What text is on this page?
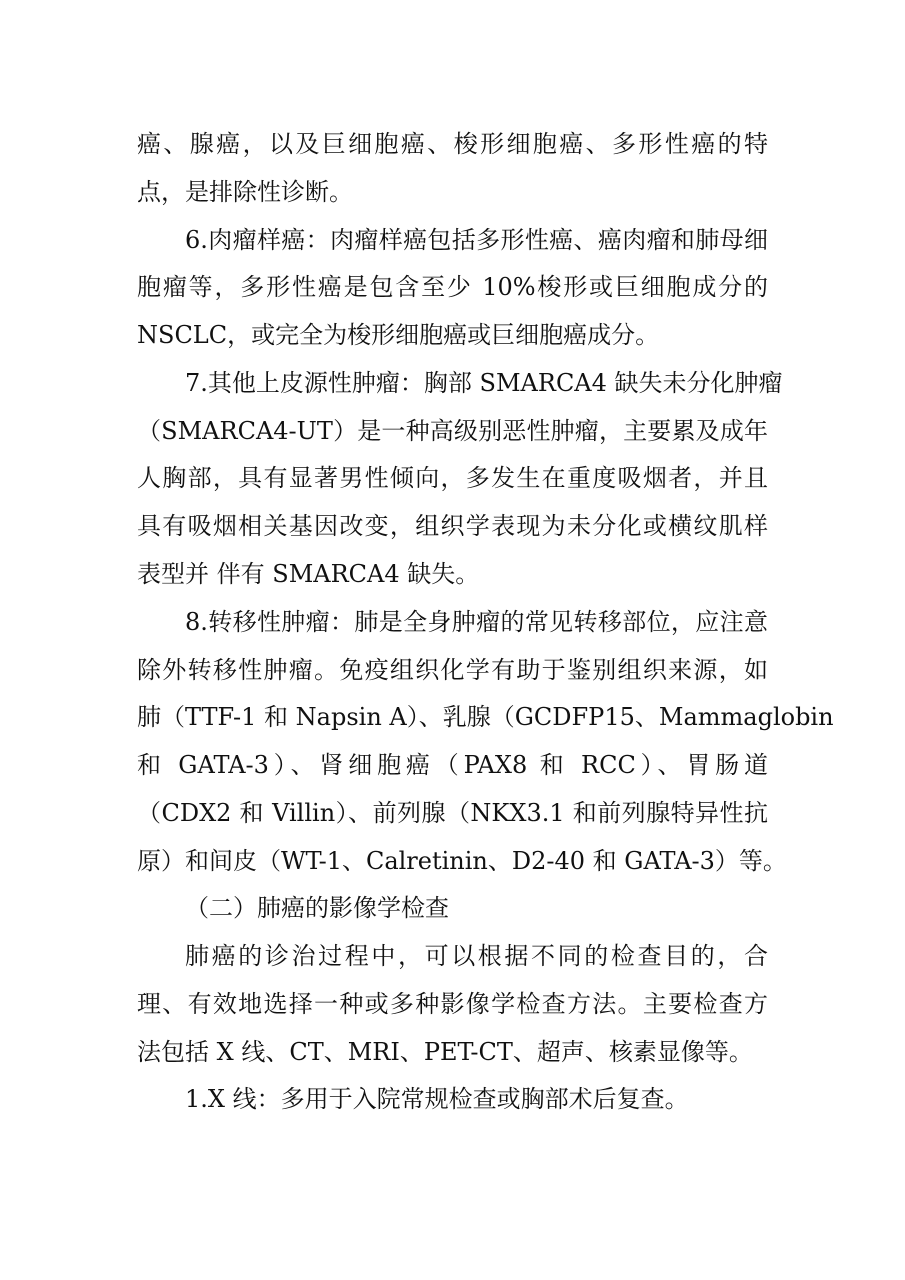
癌、腺癌，以及巨细胞癌、梭形细胞癌、多形性癌的特
点，是排除性诊断。
6.肉瘤样癌：肉瘤样癌包括多形性癌、癌肉瘤和肺母细
胞瘤等，多形性癌是包含至少 10%梭形或巨细胞成分的
NSCLC，或完全为梭形细胞癌或巨细胞癌成分。
7.其他上皮源性肿瘤：胸部 SMARCA4 缺失未分化肿瘤
（SMARCA4-UT）是一种高级别恶性肿瘤，主要累及成年
人胸部，具有显著男性倾向，多发生在重度吸烟者，并且
具有吸烟相关基因改变，组织学表现为未分化或横纹肌样
表型并 伴有 SMARCA4 缺失。
8.转移性肿瘤：肺是全身肿瘤的常见转移部位，应注意
除外转移性肿瘤。免疫组织化学有助于鉴别组织来源，如
肺（TTF-1 和 Napsin A）、乳腺（GCDFP15、Mammaglobin
和 GATA-3）、肾细胞癌（PAX8 和 RCC）、胃肠道
（CDX2 和 Villin）、前列腺（NKX3.1 和前列腺特异性抗
原）和间皮（WT-1、Calretinin、D2-40 和 GATA-3）等。
（二）肺癌的影像学检查
肺癌的诊治过程中，可以根据不同的检查目的，合
理、有效地选择一种或多种影像学检查方法。主要检查方
法包括 X 线、CT、MRI、PET-CT、超声、核素显像等。
1.X 线：多用于入院常规检查或胸部术后复查。
